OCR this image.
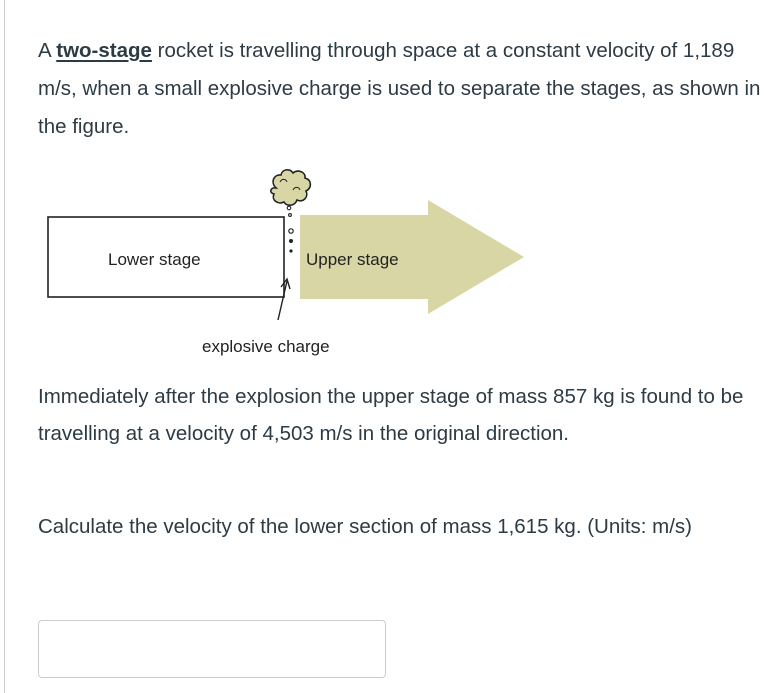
A two-stage rocket is travelling through space at a constant velocity of 1,189 m/s, when a small explosive charge is used to separate the stages, as shown in the figure.

Lower stage	Upper stage
explosive charge

Immediately after the explosion the upper stage of mass 857 kg is found to be travelling at a velocity of 4,503 m/s in the original direction.

Calculate the velocity of the lower section of mass 1,615 kg. (Units: m/s)
